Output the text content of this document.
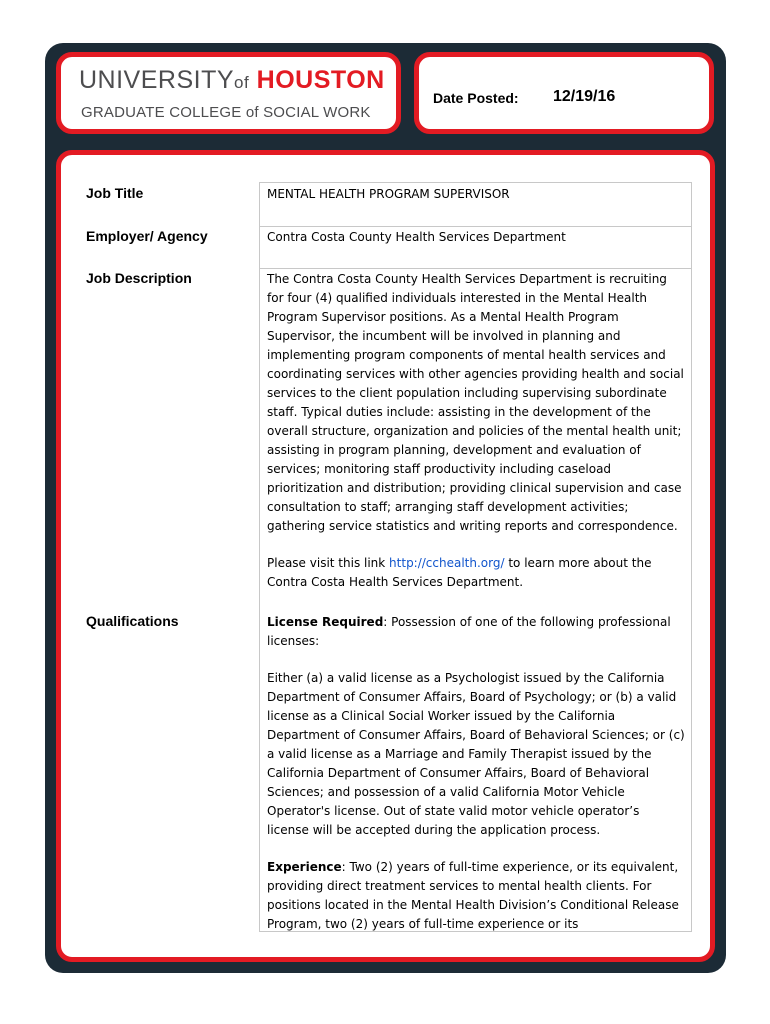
UNIVERSITYof HOUSTON
GRADUATE COLLEGE of SOCIAL WORK
Date Posted: 12/19/16
Job Title	MENTAL HEALTH PROGRAM SUPERVISOR
Employer/ Agency	Contra Costa County Health Services Department
Job Description	The Contra Costa County Health Services Department is recruiting for four (4) qualified individuals interested in the Mental Health Program Supervisor positions. As a Mental Health Program Supervisor, the incumbent will be involved in planning and implementing program components of mental health services and coordinating services with other agencies providing health and social services to the client population including supervising subordinate staff. Typical duties include: assisting in the development of the overall structure, organization and policies of the mental health unit; assisting in program planning, development and evaluation of services; monitoring staff productivity including caseload prioritization and distribution; providing clinical supervision and case consultation to staff; arranging staff development activities; gathering service statistics and writing reports and correspondence.

Please visit this link http://cchealth.org/ to learn more about the Contra Costa Health Services Department.

Qualifications	License Required: Possession of one of the following professional licenses:

Either (a) a valid license as a Psychologist issued by the California Department of Consumer Affairs, Board of Psychology; or (b) a valid license as a Clinical Social Worker issued by the California Department of Consumer Affairs, Board of Behavioral Sciences; or (c) a valid license as a Marriage and Family Therapist issued by the California Department of Consumer Affairs, Board of Behavioral Sciences; and possession of a valid California Motor Vehicle Operator's license. Out of state valid motor vehicle operator’s license will be accepted during the application process.

Experience: Two (2) years of full-time experience, or its equivalent, providing direct treatment services to mental health clients. For positions located in the Mental Health Division’s Conditional Release Program, two (2) years of full-time experience or its
